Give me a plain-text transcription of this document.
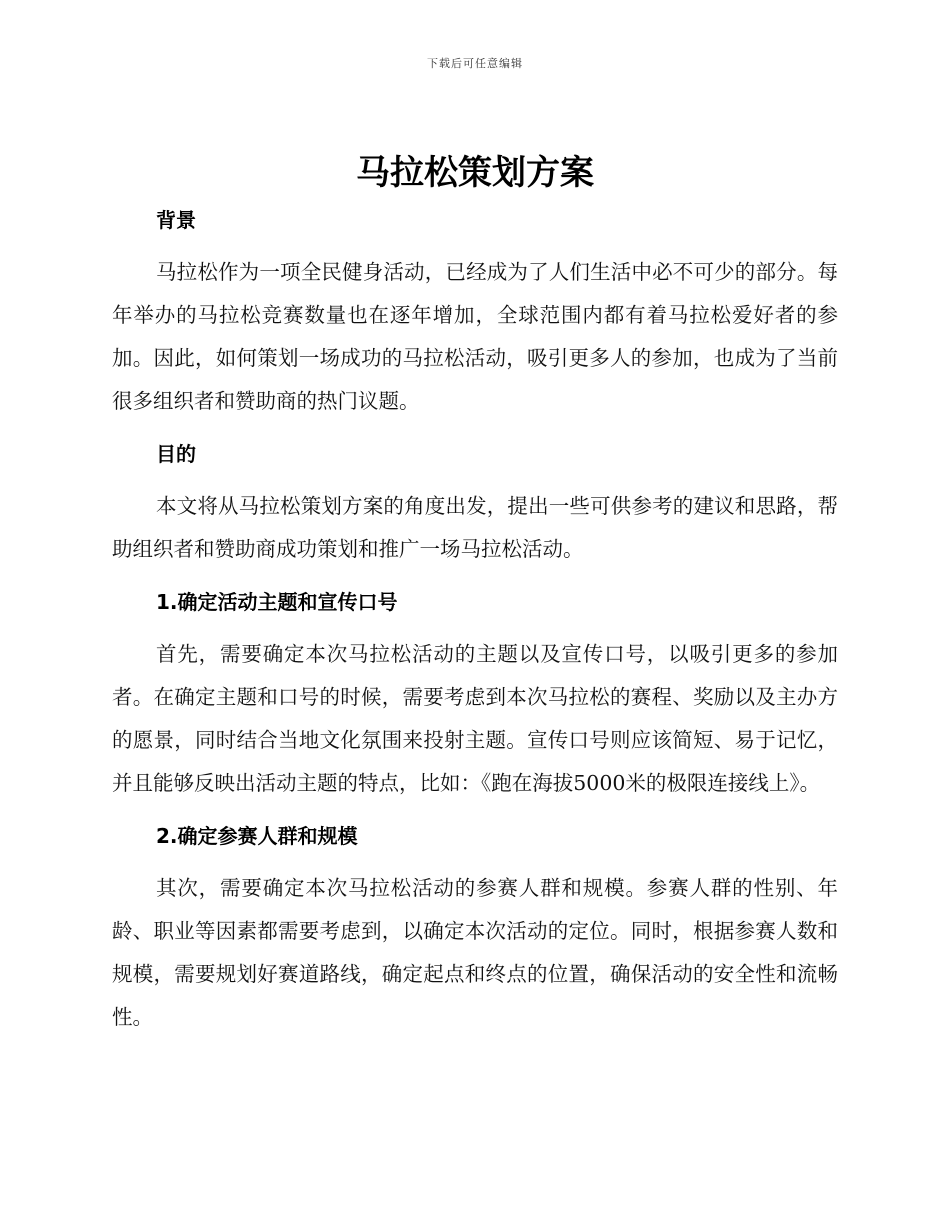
下载后可任意编辑
马拉松策划方案
背景

马拉松作为一项全民健身活动，已经成为了人们生活中必不可少的部分。每年举办的马拉松竞赛数量也在逐年增加，全球范围内都有着马拉松爱好者的参加。因此，如何策划一场成功的马拉松活动，吸引更多人的参加，也成为了当前很多组织者和赞助商的热门议题。

目的

本文将从马拉松策划方案的角度出发，提出一些可供参考的建议和思路，帮助组织者和赞助商成功策划和推广一场马拉松活动。

1.确定活动主题和宣传口号

首先，需要确定本次马拉松活动的主题以及宣传口号，以吸引更多的参加者。在确定主题和口号的时候，需要考虑到本次马拉松的赛程、奖励以及主办方的愿景，同时结合当地文化氛围来投射主题。宣传口号则应该简短、易于记忆，并且能够反映出活动主题的特点，比如：《跑在海拔5000米的极限连接线上》。

2.确定参赛人群和规模

其次，需要确定本次马拉松活动的参赛人群和规模。参赛人群的性别、年龄、职业等因素都需要考虑到，以确定本次活动的定位。同时，根据参赛人数和规模，需要规划好赛道路线，确定起点和终点的位置，确保活动的安全性和流畅性。
